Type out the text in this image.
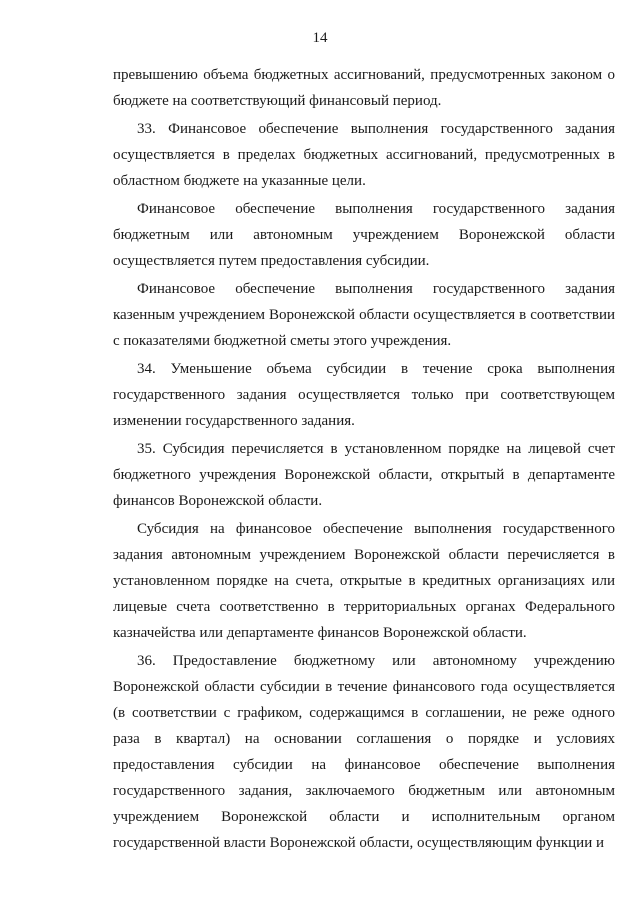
14

превышению объема бюджетных ассигнований, предусмотренных законом о бюджете на соответствующий финансовый период.

33. Финансовое обеспечение выполнения государственного задания осуществляется в пределах бюджетных ассигнований, предусмотренных в областном бюджете на указанные цели.

Финансовое обеспечение выполнения государственного задания бюджетным или автономным учреждением Воронежской области осуществляется путем предоставления субсидии.

Финансовое обеспечение выполнения государственного задания казенным учреждением Воронежской области осуществляется в соответствии с показателями бюджетной сметы этого учреждения.

34. Уменьшение объема субсидии в течение срока выполнения государственного задания осуществляется только при соответствующем изменении государственного задания.

35. Субсидия перечисляется в установленном порядке на лицевой счет бюджетного учреждения Воронежской области, открытый в департаменте финансов Воронежской области.

Субсидия на финансовое обеспечение выполнения государственного задания автономным учреждением Воронежской области перечисляется в установленном порядке на счета, открытые в кредитных организациях или лицевые счета соответственно в территориальных органах Федерального казначейства или департаменте финансов Воронежской области.

36. Предоставление бюджетному или автономному учреждению Воронежской области субсидии в течение финансового года осуществляется (в соответствии с графиком, содержащимся в соглашении, не реже одного раза в квартал) на основании соглашения о порядке и условиях предоставления субсидии на финансовое обеспечение выполнения государственного задания, заключаемого бюджетным или автономным учреждением Воронежской области и исполнительным органом государственной власти Воронежской области, осуществляющим функции и
